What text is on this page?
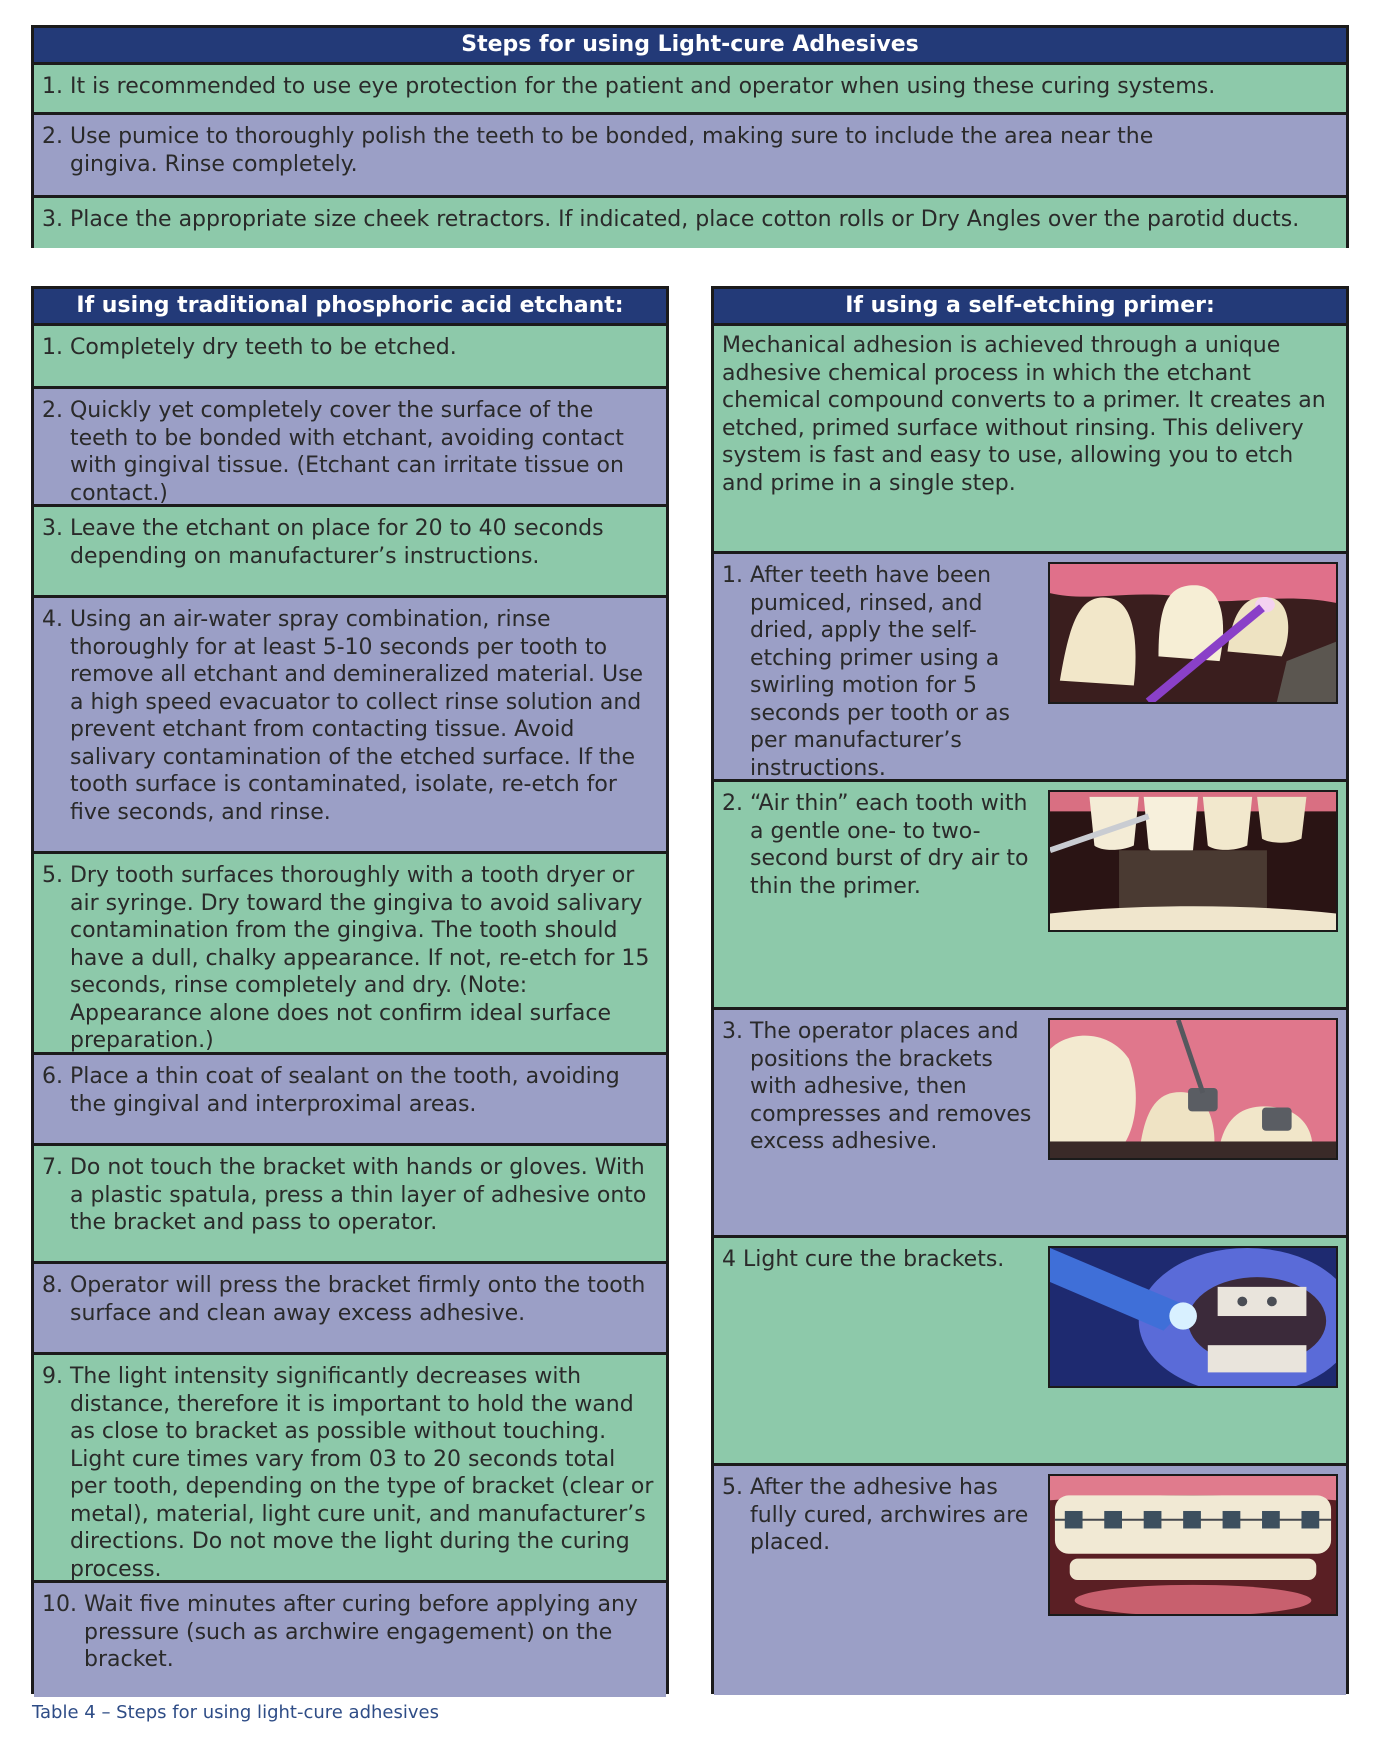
Steps for using Light-cure Adhesives
1. It is recommended to use eye protection for the patient and operator when using these curing systems.
2. Use pumice to thoroughly polish the teeth to be bonded, making sure to include the area near the gingiva. Rinse completely.
3. Place the appropriate size cheek retractors. If indicated, place cotton rolls or Dry Angles over the parotid ducts.
If using traditional phosphoric acid etchant:
1. Completely dry teeth to be etched.
2. Quickly yet completely cover the surface of the teeth to be bonded with etchant, avoiding contact with gingival tissue. (Etchant can irritate tissue on contact.)
3. Leave the etchant on place for 20 to 40 seconds depending on manufacturer’s instructions.
4. Using an air-water spray combination, rinse thoroughly for at least 5-10 seconds per tooth to remove all etchant and demineralized material. Use a high speed evacuator to collect rinse solution and prevent etchant from contacting tissue. Avoid salivary contamination of the etched surface. If the tooth surface is contaminated, isolate, re-etch for five seconds, and rinse.
5. Dry tooth surfaces thoroughly with a tooth dryer or air syringe. Dry toward the gingiva to avoid salivary contamination from the gingiva. The tooth should have a dull, chalky appearance. If not, re-etch for 15 seconds, rinse completely and dry. (Note: Appearance alone does not confirm ideal surface preparation.)
6. Place a thin coat of sealant on the tooth, avoiding the gingival and interproximal areas.
7. Do not touch the bracket with hands or gloves. With a plastic spatula, press a thin layer of adhesive onto the bracket and pass to operator.
8. Operator will press the bracket firmly onto the tooth surface and clean away excess adhesive.
9. The light intensity significantly decreases with distance, therefore it is important to hold the wand as close to bracket as possible without touching. Light cure times vary from 03 to 20 seconds total per tooth, depending on the type of bracket (clear or metal), material, light cure unit, and manufacturer’s directions. Do not move the light during the curing process.
10. Wait five minutes after curing before applying any pressure (such as archwire engagement) on the bracket.
If using a self-etching primer:
Mechanical adhesion is achieved through a unique adhesive chemical process in which the etchant chemical compound converts to a primer. It creates an etched, primed surface without rinsing. This delivery system is fast and easy to use, allowing you to etch and prime in a single step.
1. After teeth have been pumiced, rinsed, and dried, apply the self-etching primer using a swirling motion for 5 seconds per tooth or as per manufacturer’s instructions.
2. “Air thin” each tooth with a gentle one- to two-second burst of dry air to thin the primer.
3. The operator places and positions the brackets with adhesive, then compresses and removes excess adhesive.
4 Light cure the brackets.
5. After the adhesive has fully cured, archwires are placed.
Table 4 – Steps for using light-cure adhesives
